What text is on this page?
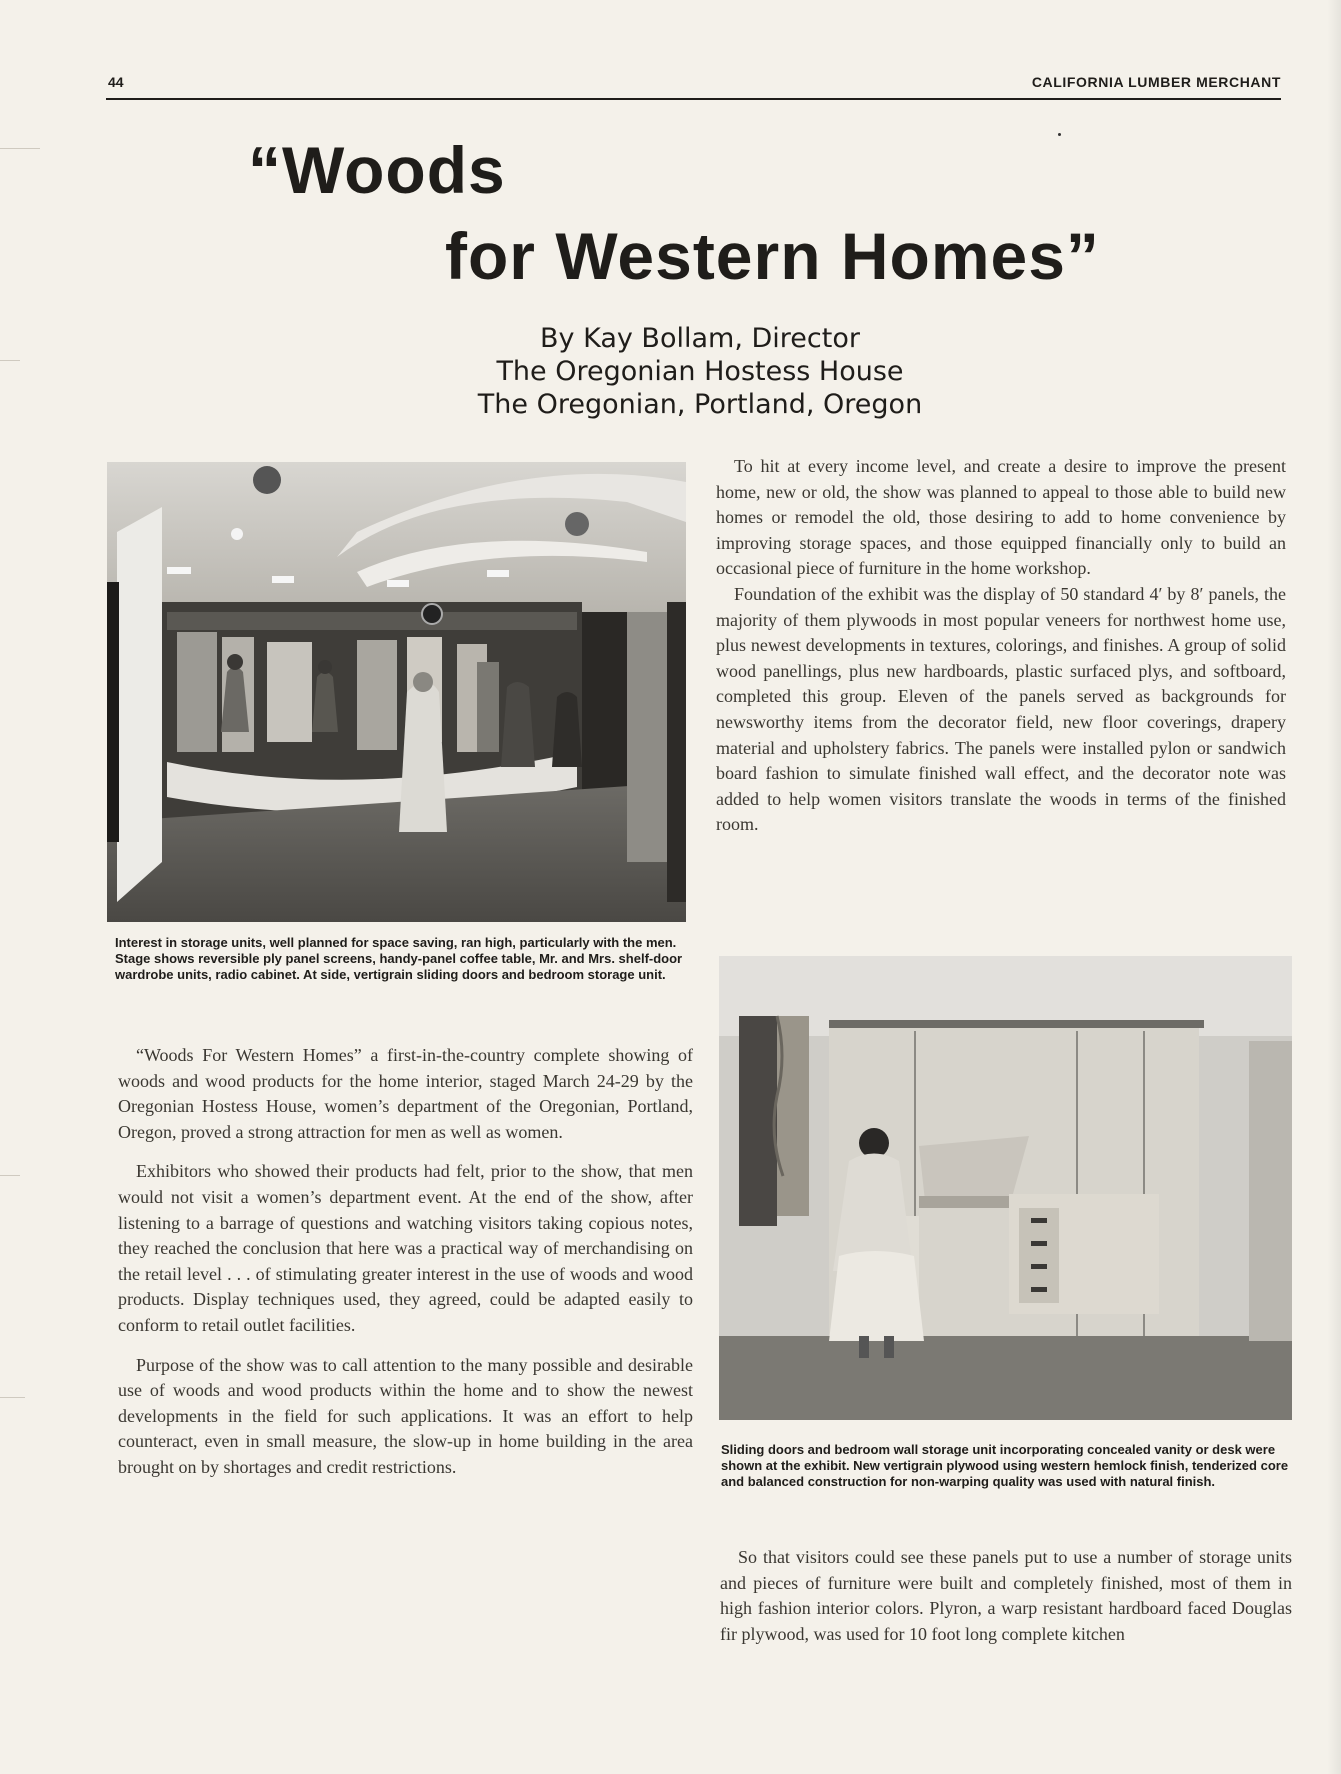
44	CALIFORNIA LUMBER MERCHANT
“Woods
for Western Homes”
By Kay Bollam, Director
The Oregonian Hostess House
The Oregonian, Portland, Oregon
Interest in storage units, well planned for space saving, ran high, particularly with the men. Stage shows reversible ply panel screens, handy-panel coffee table, Mr. and Mrs. shelf-door wardrobe units, radio cabinet. At side, vertigrain sliding doors and bedroom storage unit.

“Woods For Western Homes” a first-in-the-country complete showing of woods and wood products for the home interior, staged March 24-29 by the Oregonian Hostess House, women’s department of the Oregonian, Portland, Oregon, proved a strong attraction for men as well as women.

Exhibitors who showed their products had felt, prior to the show, that men would not visit a women’s department event. At the end of the show, after listening to a barrage of questions and watching visitors taking copious notes, they reached the conclusion that here was a practical way of merchandising on the retail level . . . of stimulating greater interest in the use of woods and wood products. Display techniques used, they agreed, could be adapted easily to conform to retail outlet facilities.

Purpose of the show was to call attention to the many possible and desirable use of woods and wood products within the home and to show the newest developments in the field for such applications. It was an effort to help counteract, even in small measure, the slow-up in home building in the area brought on by shortages and credit restrictions.

To hit at every income level, and create a desire to improve the present home, new or old, the show was planned to appeal to those able to build new homes or remodel the old, those desiring to add to home convenience by improving storage spaces, and those equipped financially only to build an occasional piece of furniture in the home workshop.

Foundation of the exhibit was the display of 50 standard 4′ by 8′ panels, the majority of them plywoods in most popular veneers for northwest home use, plus newest developments in textures, colorings, and finishes. A group of solid wood panellings, plus new hardboards, plastic surfaced plys, and softboard, completed this group. Eleven of the panels served as backgrounds for newsworthy items from the decorator field, new floor coverings, drapery material and upholstery fabrics. The panels were installed pylon or sandwich board fashion to simulate finished wall effect, and the decorator note was added to help women visitors translate the woods in terms of the finished room.

Sliding doors and bedroom wall storage unit incorporating concealed vanity or desk were shown at the exhibit. New vertigrain plywood using western hemlock finish, tenderized core and balanced construction for non-warping quality was used with natural finish.

So that visitors could see these panels put to use a number of storage units and pieces of furniture were built and completely finished, most of them in high fashion interior colors. Plyron, a warp resistant hardboard faced Douglas fir plywood, was used for 10 foot long complete kitchen
